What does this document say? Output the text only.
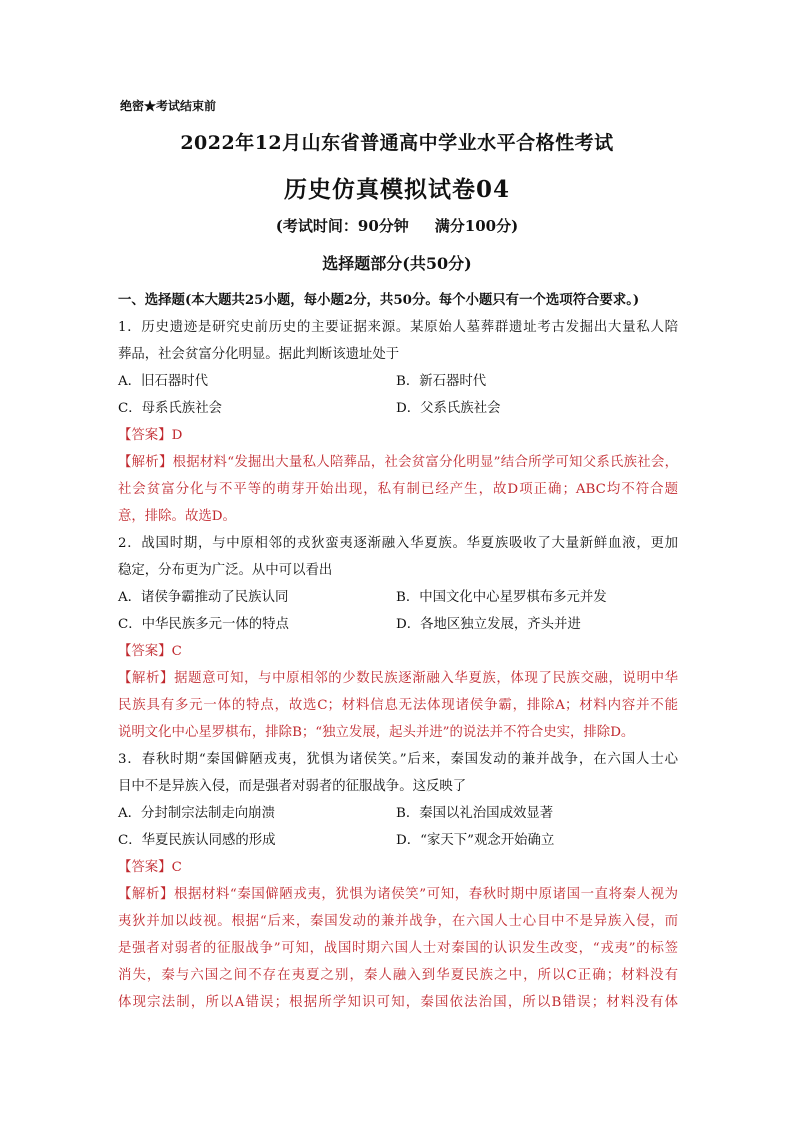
绝密★考试结束前
2022年12月山东省普通高中学业水平合格性考试
历史仿真模拟试卷04
(考试时间：90分钟 满分100分)
选择题部分(共50分)
一、选择题(本大题共25小题，每小题2分，共50分。每个小题只有一个选项符合要求。)
1．历史遗迹是研究史前历史的主要证据来源。某原始人墓葬群遗址考古发掘出大量私人陪
葬品，社会贫富分化明显。据此判断该遗址处于
A．旧石器时代	B．新石器时代
C．母系氏族社会	D．父系氏族社会
【答案】D
【解析】根据材料“发掘出大量私人陪葬品，社会贫富分化明显”结合所学可知父系氏族社会，
社会贫富分化与不平等的萌芽开始出现，私有制已经产生，故D项正确；ABC均不符合题
意，排除。故选D。
2．战国时期，与中原相邻的戎狄蛮夷逐渐融入华夏族。华夏族吸收了大量新鲜血液，更加
稳定，分布更为广泛。从中可以看出
A．诸侯争霸推动了民族认同	B．中国文化中心星罗棋布多元并发
C．中华民族多元一体的特点	D．各地区独立发展，齐头并进
【答案】C
【解析】据题意可知，与中原相邻的少数民族逐渐融入华夏族，体现了民族交融，说明中华
民族具有多元一体的特点，故选C；材料信息无法体现诸侯争霸，排除A；材料内容并不能
说明文化中心星罗棋布，排除B；“独立发展，起头并进”的说法并不符合史实，排除D。
3．春秋时期“秦国僻陋戎夷，犹惧为诸侯笑。”后来，秦国发动的兼并战争，在六国人士心
目中不是异族入侵，而是强者对弱者的征服战争。这反映了
A．分封制宗法制走向崩溃	B．秦国以礼治国成效显著
C．华夏民族认同感的形成	D．“家天下”观念开始确立
【答案】C
【解析】根据材料“秦国僻陋戎夷，犹惧为诸侯笑”可知，春秋时期中原诸国一直将秦人视为
夷狄并加以歧视。根据“后来，秦国发动的兼并战争，在六国人士心目中不是异族入侵，而
是强者对弱者的征服战争”可知，战国时期六国人士对秦国的认识发生改变，“戎夷”的标签
消失，秦与六国之间不存在夷夏之别，秦人融入到华夏民族之中，所以C正确；材料没有
体现宗法制，所以A错误；根据所学知识可知，秦国依法治国，所以B错误；材料没有体
